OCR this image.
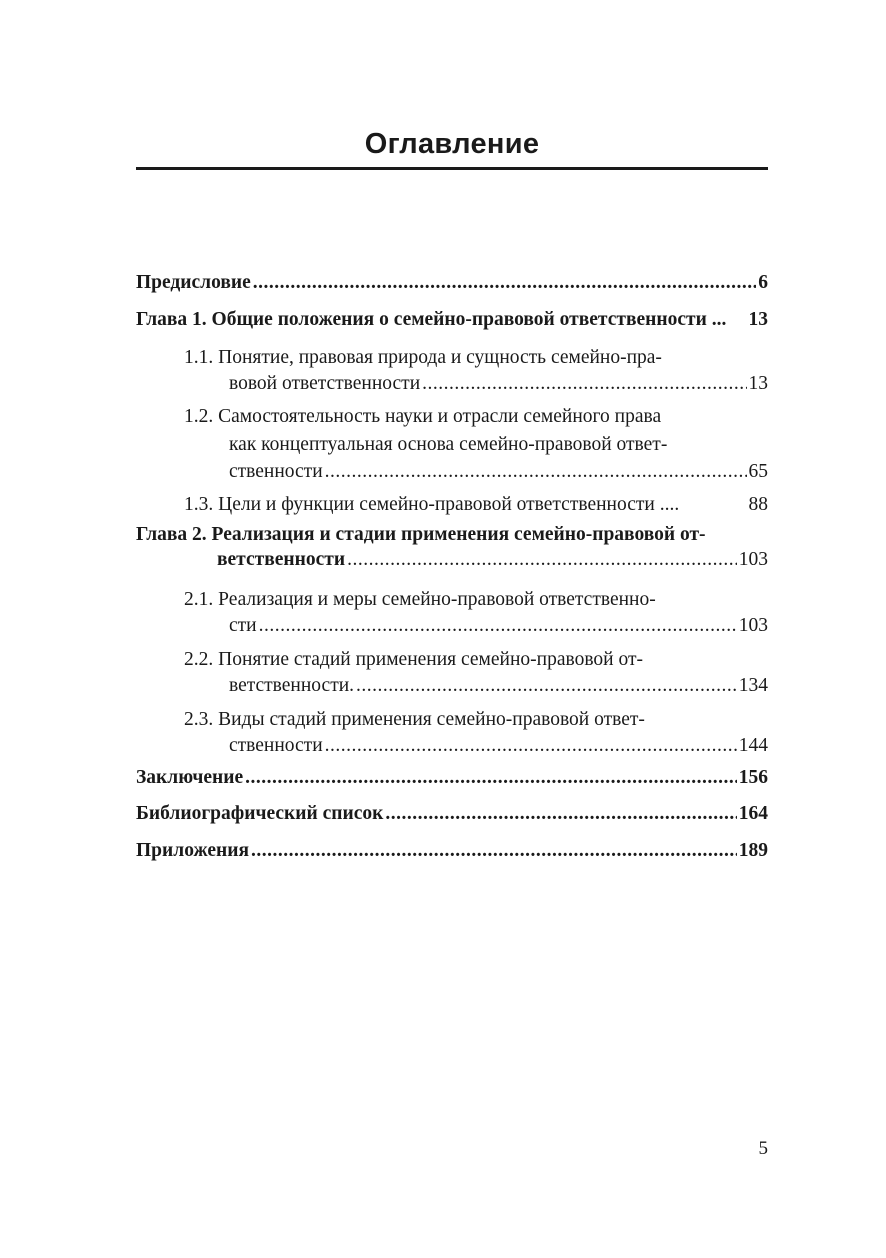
Оглавление
Предисловие .....	6
Глава 1. Общие положения о семейно-правовой ответственности ... 13
1.1. Понятие, правовая природа и сущность семейно-пра-
вовой ответственности .....	13
1.2. Самостоятельность науки и отрасли семейного права
как концептуальная основа семейно-правовой ответ-
ственности .....	65
1.3. Цели и функции семейно-правовой ответственности ....	88
Глава 2. Реализация и стадии применения семейно-правовой от-
ветственности .....	103
2.1. Реализация и меры семейно-правовой ответственно-
сти .....	103
2.2. Понятие стадий применения семейно-правовой от-
ветственности. .....	134
2.3. Виды стадий применения семейно-правовой ответ-
ственности .....	144
Заключение .....	156
Библиографический список .....	164
Приложения .....	189
5
